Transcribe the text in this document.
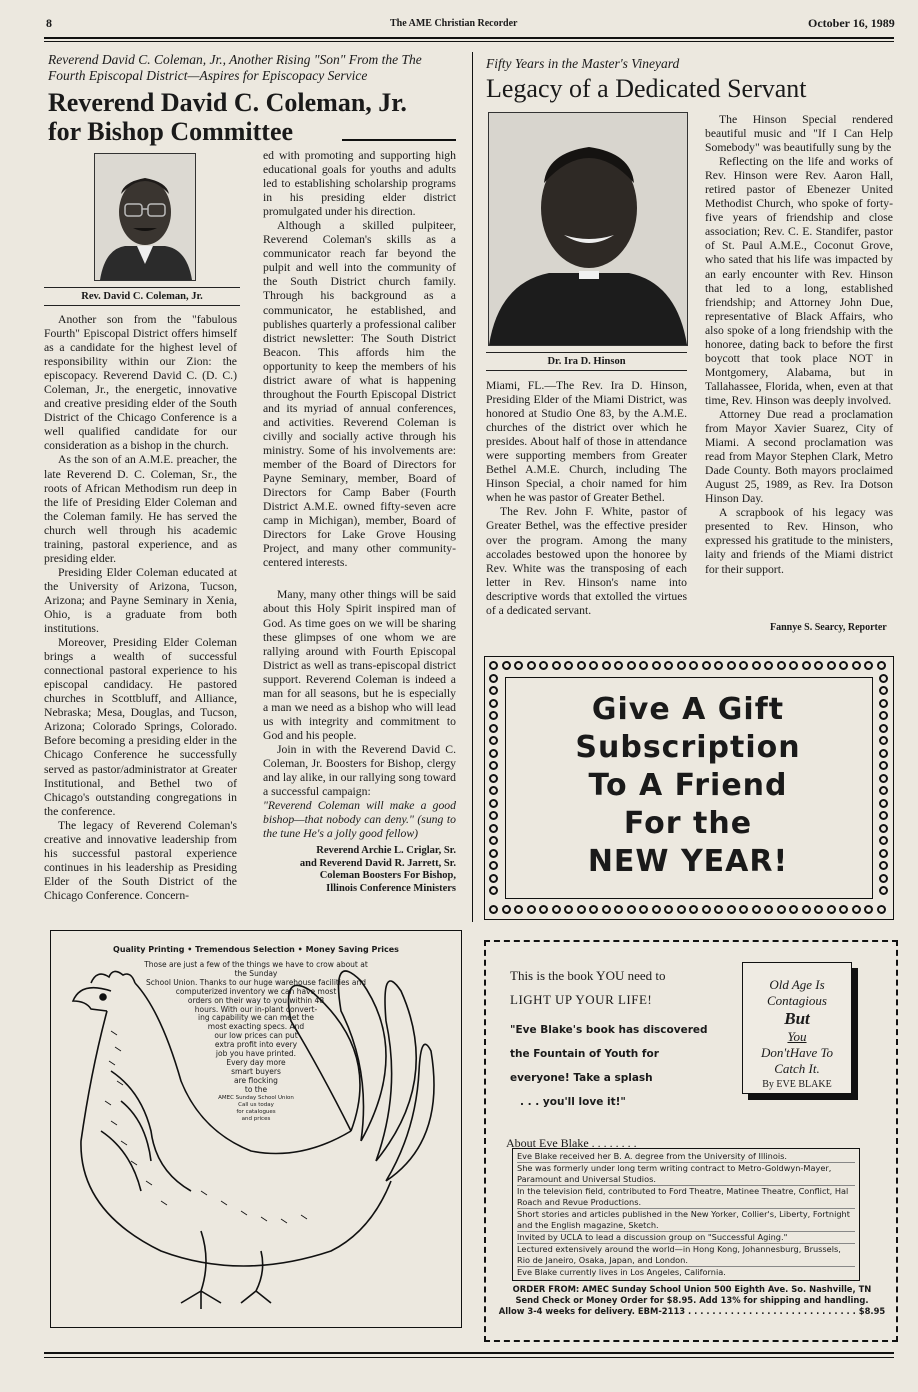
8	The AME Christian Recorder	October 16, 1989
Reverend David C. Coleman, Jr., Another Rising "Son" From the The Fourth Episcopal District—Aspires for Episcopacy Service
Reverend David C. Coleman, Jr.
for Bishop Committee
Rev. David C. Coleman, Jr.

Another son from the "fabulous Fourth" Episcopal District offers himself as a candidate for the highest level of responsibility within our Zion: the episcopacy. Reverend David C. (D. C.) Coleman, Jr., the energetic, innovative and creative presiding elder of the South District of the Chicago Conference is a well qualified candidate for our consideration as a bishop in the church.

As the son of an A.M.E. preacher, the late Reverend D. C. Coleman, Sr., the roots of African Methodism run deep in the life of Presiding Elder Coleman and the Coleman family. He has served the church well through his academic training, pastoral experience, and as presiding elder.

Presiding Elder Coleman educated at the University of Arizona, Tucson, Arizona; and Payne Seminary in Xenia, Ohio, is a graduate from both institutions.

Moreover, Presiding Elder Coleman brings a wealth of successful connectional pastoral experience to his episcopal candidacy. He pastored churches in Scottbluff, and Alliance, Nebraska; Mesa, Douglas, and Tucson, Arizona; Colorado Springs, Colorado. Before becoming a presiding elder in the Chicago Conference he successfully served as pastor/administrator at Greater Institutional, and Bethel two of Chicago's outstanding congregations in the conference.

The legacy of Reverend Coleman's creative and innovative leadership from his successful pastoral experience continues in his leadership as Presiding Elder of the South District of the Chicago Conference. Concern-

ed with promoting and supporting high educational goals for youths and adults led to establishing scholarship programs in his presiding elder district promulgated under his direction.

Although a skilled pulpiteer, Reverend Coleman's skills as a communicator reach far beyond the pulpit and well into the community of the South District church family. Through his background as a communicator, he established, and publishes quarterly a professional caliber district newsletter: The South District Beacon. This affords him the opportunity to keep the members of his district aware of what is happening throughout the Fourth Episcopal District and its myriad of annual conferences, and activities. Reverend Coleman is civilly and socially active through his ministry. Some of his involvements are: member of the Board of Directors for Payne Seminary, member, Board of Directors for Camp Baber (Fourth District A.M.E. owned fifty-seven acre camp in Michigan), member, Board of Directors for Lake Grove Housing Project, and many other community-centered interests.

Many, many other things will be said about this Holy Spirit inspired man of God. As time goes on we will be sharing these glimpses of one whom we are rallying around with Fourth Episcopal District as well as trans-episcopal district support. Reverend Coleman is indeed a man for all seasons, but he is especially a man we need as a bishop who will lead us with integrity and commitment to God and his people.

Join in with the Reverend David C. Coleman, Jr. Boosters for Bishop, clergy and lay alike, in our rallying song toward a successful campaign:

"Reverend Coleman will make a good bishop—that nobody can deny." (sung to the tune He's a jolly good fellow)

Reverend Archie L. Criglar, Sr.
and Reverend David R. Jarrett, Sr.
Coleman Boosters For Bishop,
Illinois Conference Ministers
Fifty Years in the Master's Vineyard
Legacy of a Dedicated Servant
Dr. Ira D. Hinson

Miami, FL.—The Rev. Ira D. Hinson, Presiding Elder of the Miami District, was honored at Studio One 83, by the A.M.E. churches of the district over which he presides. About half of those in attendance were supporting members from Greater Bethel A.M.E. Church, including The Hinson Special, a choir named for him when he was pastor of Greater Bethel.

The Rev. John F. White, pastor of Greater Bethel, was the effective presider over the program. Among the many accolades bestowed upon the honoree by Rev. White was the transposing of each letter in Rev. Hinson's name into descriptive words that extolled the virtues of a dedicated servant.

The Hinson Special rendered beautiful music and "If I Can Help Somebody" was beautifully sung by the

Reflecting on the life and works of Rev. Hinson were Rev. Aaron Hall, retired pastor of Ebenezer United Methodist Church, who spoke of forty-five years of friendship and close association; Rev. C. E. Standifer, pastor of St. Paul A.M.E., Coconut Grove, who sated that his life was impacted by an early encounter with Rev. Hinson that led to a long, established friendship; and Attorney John Due, representative of Black Affairs, who also spoke of a long friendship with the honoree, dating back to before the first boycott that took place NOT in Montgomery, Alabama, but in Tallahassee, Florida, when, even at that time, Rev. Hinson was deeply involved.

Attorney Due read a proclamation from Mayor Xavier Suarez, City of Miami. A second proclamation was read from Mayor Stephen Clark, Metro Dade County. Both mayors proclaimed August 25, 1989, as Rev. Ira Dotson Hinson Day.

A scrapbook of his legacy was presented to Rev. Hinson, who expressed his gratitude to the ministers, laity and friends of the Miami district for their support.

Fannye S. Searcy, Reporter
Give A Gift
Subscription
To A Friend
For the
NEW YEAR!
Quality Printing • Tremendous Selection • Money Saving Prices
Those are just a few of the things we have to crow about at the Sunday
School Union. Thanks to our huge warehouse facilities and
computerized inventory we can have most
orders on their way to you within 48
hours. With our in-plant convert-
ing capability we can meet the
most exacting specs. And
our low prices can put
extra profit into every
job you have printed.
Every day more
smart buyers
are flocking
to the
AMEC Sunday School Union
Call us today
for catalogues
and prices
This is the book YOU need to
LIGHT UP YOUR LIFE!
"Eve Blake's book has discovered
the Fountain of Youth for
everyone! Take a splash
. . . you'll love it!"
Old Age Is
Contagious
But
You
Don'tHave To
Catch It.
By EVE BLAKE
About Eve Blake . . . . . . . .
Eve Blake received her B. A. degree from the University of Illinois.
She was formerly under long term writing contract to Metro-Goldwyn-Mayer, Paramount and Universal Studios.
In the television field, contributed to Ford Theatre, Matinee Theatre, Conflict, Hal Roach and Revue Productions.
Short stories and articles published in the New Yorker, Collier's, Liberty, Fortnight and the English magazine, Sketch.
Invited by UCLA to lead a discussion group on "Successful Aging."
Lectured extensively around the world—in Hong Kong, Johannesburg, Brussels, Rio de Janeiro, Osaka, Japan, and London.
Eve Blake currently lives in Los Angeles, California.
ORDER FROM: AMEC Sunday School Union 500 Eighth Ave. So. Nashville, TN
Send Check or Money Order for $8.95. Add 13% for shipping and handling.
Allow 3-4 weeks for delivery. EBM-2113 . . . . . . . . . . . . . . . . . . . . . . . . . . . . $8.95
